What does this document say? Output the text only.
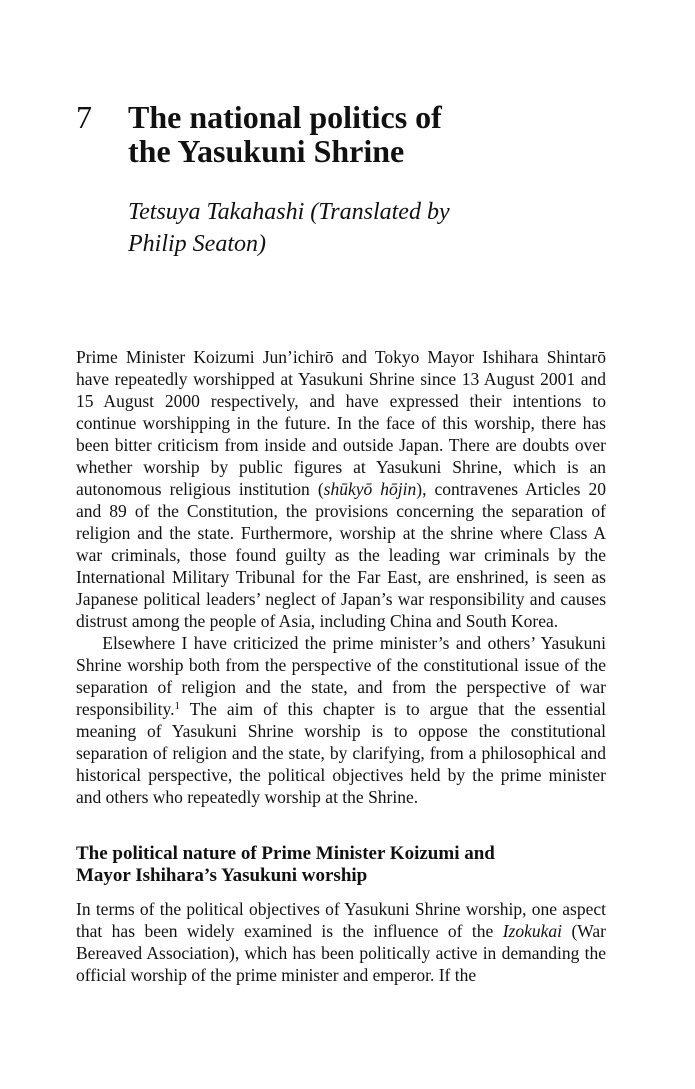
7 The national politics of
the Yasukuni Shrine
Tetsuya Takahashi (Translated by
Philip Seaton)

Prime Minister Koizumi Jun’ichirō and Tokyo Mayor Ishihara Shintarō have repeatedly worshipped at Yasukuni Shrine since 13 August 2001 and 15 August 2000 respectively, and have expressed their intentions to continue worshipping in the future. In the face of this worship, there has been bitter criticism from inside and outside Japan. There are doubts over whether worship by public figures at Yasukuni Shrine, which is an autonomous religious institution (shūkyō hōjin), contravenes Articles 20 and 89 of the Constitution, the provisions concerning the separation of religion and the state. Furthermore, worship at the shrine where Class A war criminals, those found guilty as the leading war criminals by the International Military Tribunal for the Far East, are enshrined, is seen as Japanese political leaders’ neglect of Japan’s war responsibility and causes distrust among the people of Asia, including China and South Korea.

Elsewhere I have criticized the prime minister’s and others’ Yasukuni Shrine worship both from the perspective of the constitutional issue of the separation of religion and the state, and from the perspective of war responsibility.$^1$ The aim of this chapter is to argue that the essential meaning of Yasukuni Shrine worship is to oppose the constitutional separation of religion and the state, by clarifying, from a philosophical and historical perspective, the political objectives held by the prime minister and others who repeatedly worship at the Shrine.

The political nature of Prime Minister Koizumi and
Mayor Ishihara’s Yasukuni worship

In terms of the political objectives of Yasukuni Shrine worship, one aspect that has been widely examined is the influence of the Izokukai (War Bereaved Association), which has been politically active in demanding the official worship of the prime minister and emperor. If the
